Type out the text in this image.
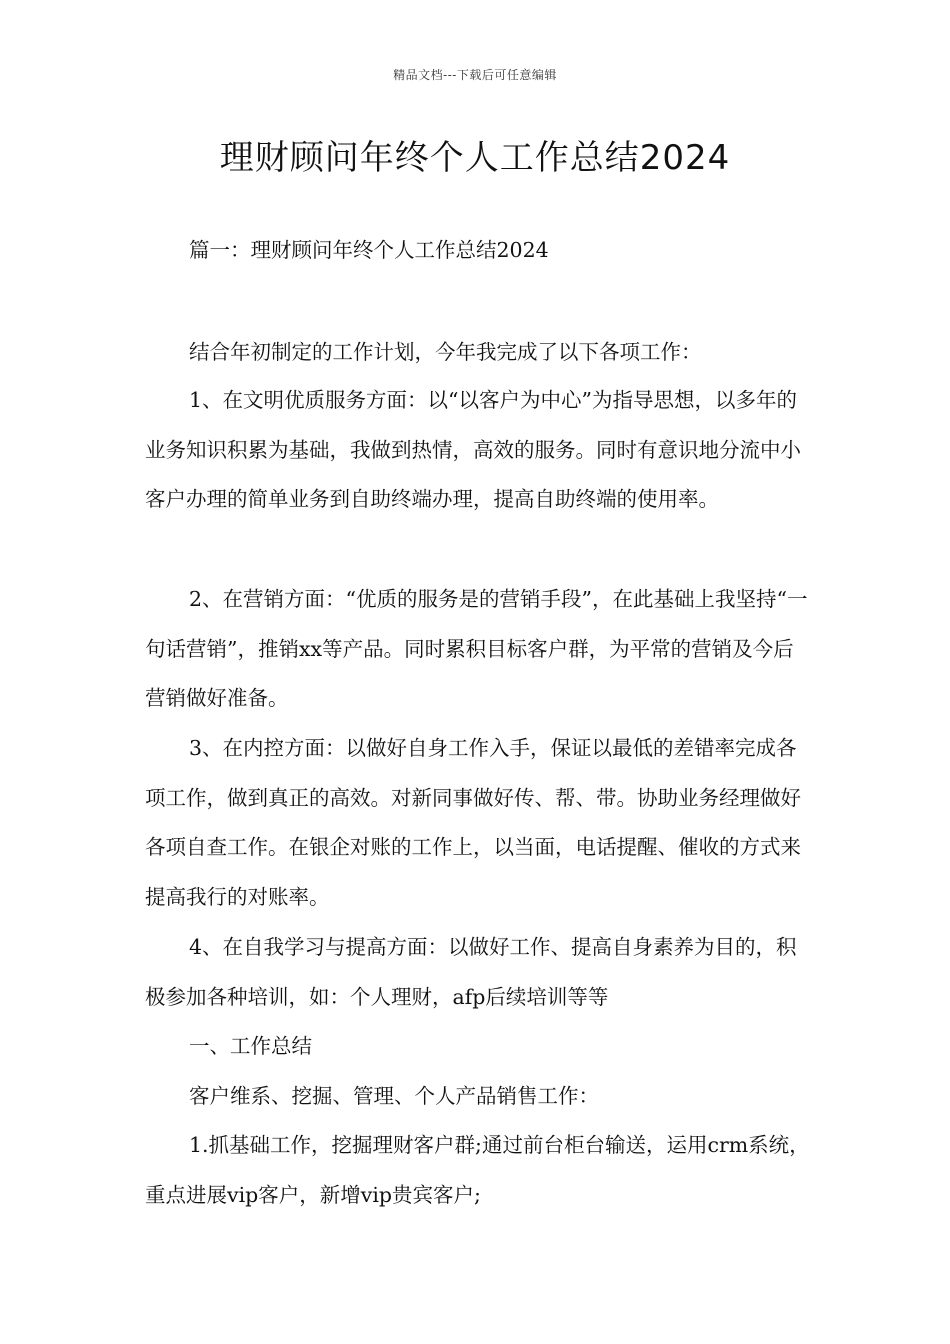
精品文档---下载后可任意编辑
理财顾问年终个人工作总结2024

篇一：理财顾问年终个人工作总结2024

结合年初制定的工作计划，今年我完成了以下各项工作：

1、在文明优质服务方面：以“以客户为中心”为指导思想，以多年的业务知识积累为基础，我做到热情，高效的服务。同时有意识地分流中小客户办理的简单业务到自助终端办理，提高自助终端的使用率。

2、在营销方面：“优质的服务是的营销手段”，在此基础上我坚持“一句话营销”，推销xx等产品。同时累积目标客户群，为平常的营销及今后营销做好准备。

3、在内控方面：以做好自身工作入手，保证以最低的差错率完成各项工作，做到真正的高效。对新同事做好传、帮、带。协助业务经理做好各项自查工作。在银企对账的工作上，以当面，电话提醒、催收的方式来提高我行的对账率。

4、在自我学习与提高方面：以做好工作、提高自身素养为目的，积极参加各种培训，如：个人理财，afp后续培训等等

一、工作总结

客户维系、挖掘、管理、个人产品销售工作：

1.抓基础工作，挖掘理财客户群;通过前台柜台输送，运用crm系统，重点进展vip客户，新增vip贵宾客户;
